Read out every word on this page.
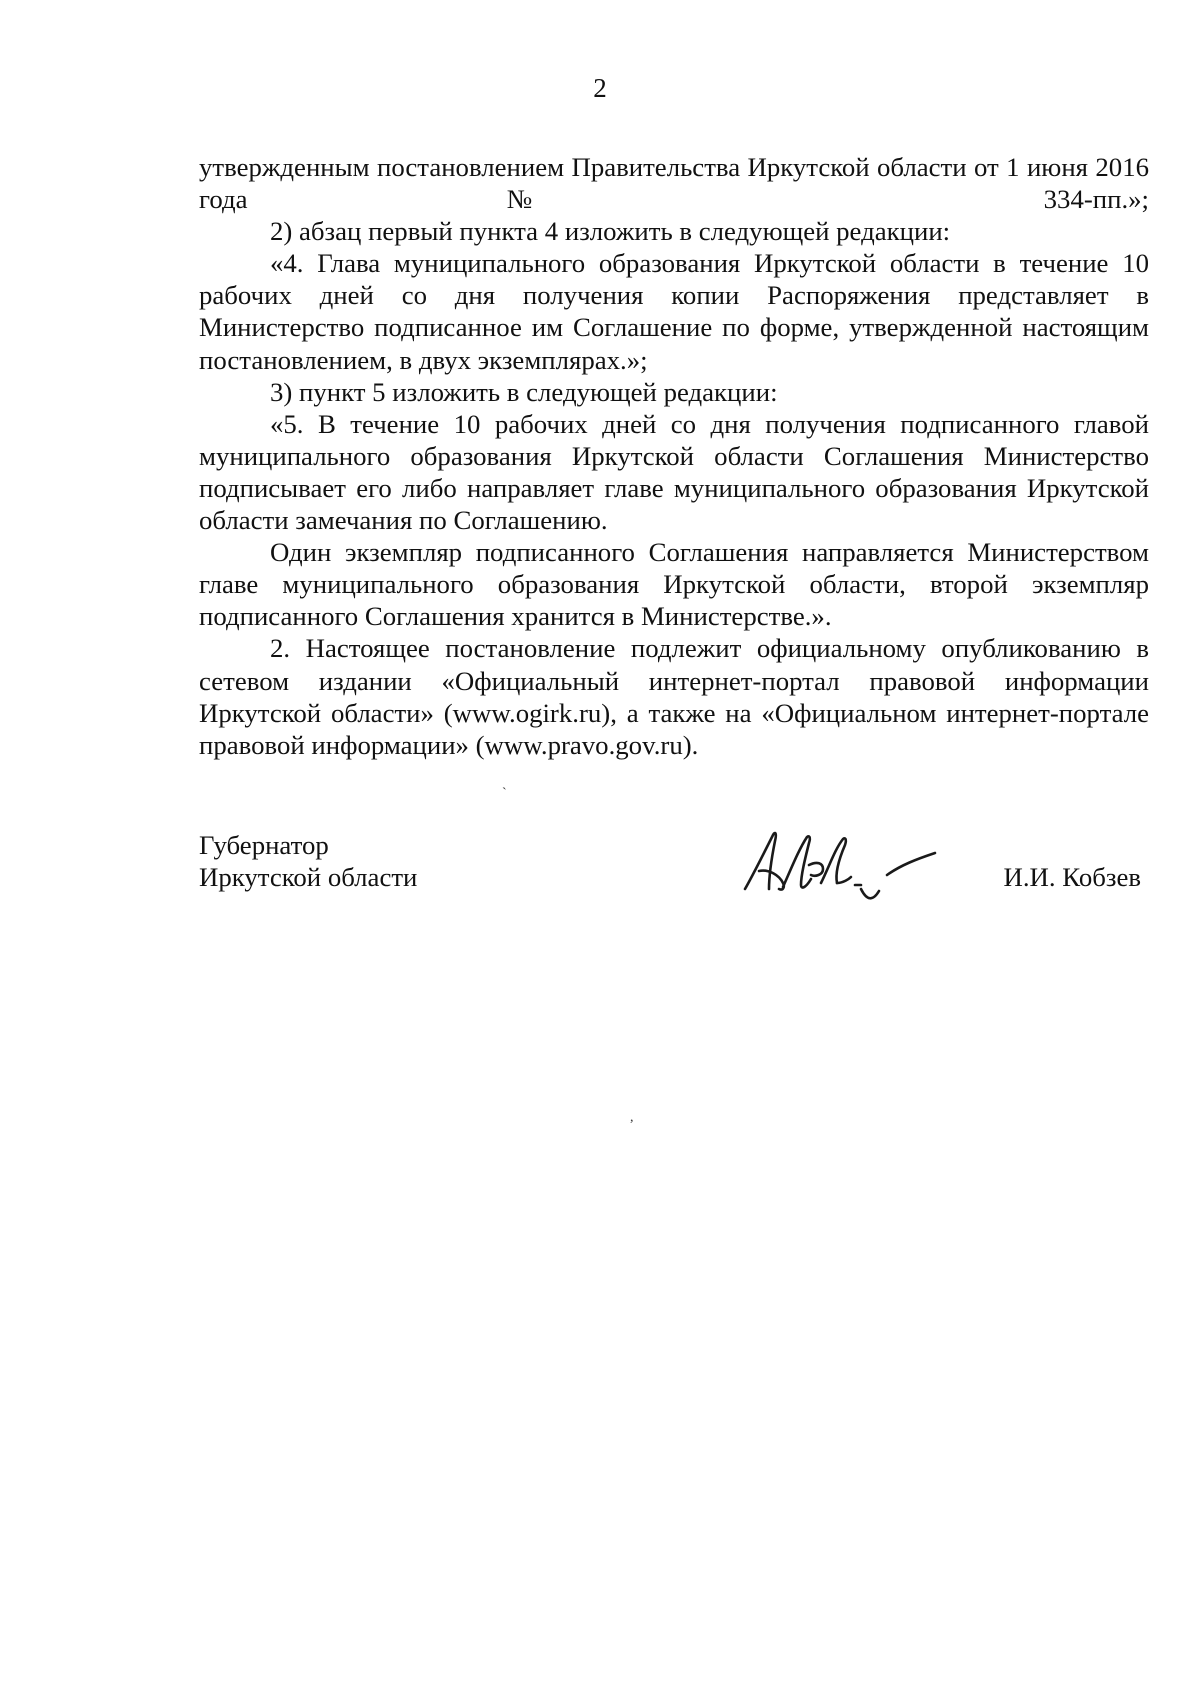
2

утвержденным постановлением Правительства Иркутской области от 1 июня 2016 года № 334-пп.»;

2) абзац первый пункта 4 изложить в следующей редакции:

«4. Глава муниципального образования Иркутской области в течение 10 рабочих дней со дня получения копии Распоряжения представляет в Министерство подписанное им Соглашение по форме, утвержденной настоящим постановлением, в двух экземплярах.»;

3) пункт 5 изложить в следующей редакции:

«5. В течение 10 рабочих дней со дня получения подписанного главой муниципального образования Иркутской области Соглашения Министерство подписывает его либо направляет главе муниципального образования Иркутской области замечания по Соглашению.

Один экземпляр подписанного Соглашения направляется Министерством главе муниципального образования Иркутской области, второй экземпляр подписанного Соглашения хранится в Министерстве.».

2. Настоящее постановление подлежит официальному опубликованию в сетевом издании «Официальный интернет-портал правовой информации Иркутской области» (www.ogirk.ru), а также на «Официальном интернет-портале правовой информации» (www.pravo.gov.ru).

`
,
Губернатор
Иркутской области	И.И. Кобзев
